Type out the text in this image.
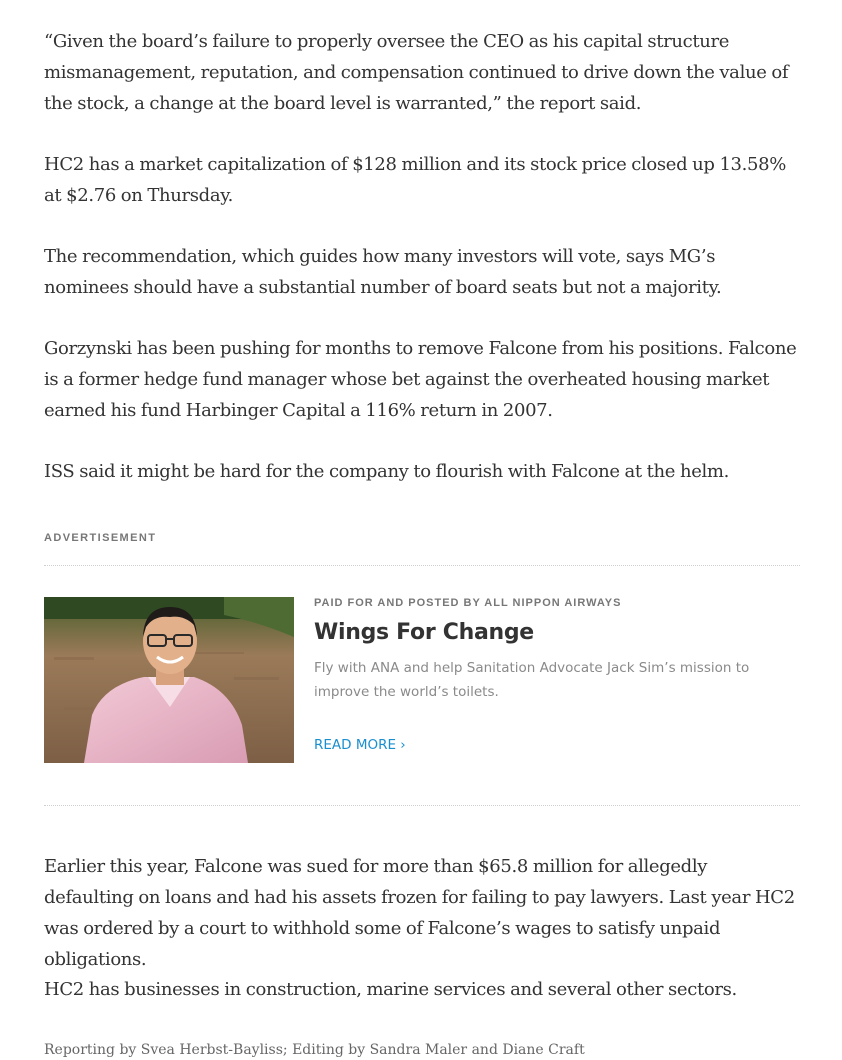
“Given the board’s failure to properly oversee the CEO as his capital structure mismanagement, reputation, and compensation continued to drive down the value of the stock, a change at the board level is warranted,” the report said.

HC2 has a market capitalization of $128 million and its stock price closed up 13.58% at $2.76 on Thursday.

The recommendation, which guides how many investors will vote, says MG’s nominees should have a substantial number of board seats but not a majority.

Gorzynski has been pushing for months to remove Falcone from his positions. Falcone is a former hedge fund manager whose bet against the overheated housing market earned his fund Harbinger Capital a 116% return in 2007.

ISS said it might be hard for the company to flourish with Falcone at the helm.

ADVERTISEMENT
PAID FOR AND POSTED BY ALL NIPPON AIRWAYS
Wings For Change

Fly with ANA and help Sanitation Advocate Jack Sim’s mission to improve the world’s toilets.

READ MORE ›

Earlier this year, Falcone was sued for more than $65.8 million for allegedly defaulting on loans and had his assets frozen for failing to pay lawyers. Last year HC2 was ordered by a court to withhold some of Falcone’s wages to satisfy unpaid obligations.

HC2 has businesses in construction, marine services and several other sectors.

Reporting by Svea Herbst-Bayliss; Editing by Sandra Maler and Diane Craft
